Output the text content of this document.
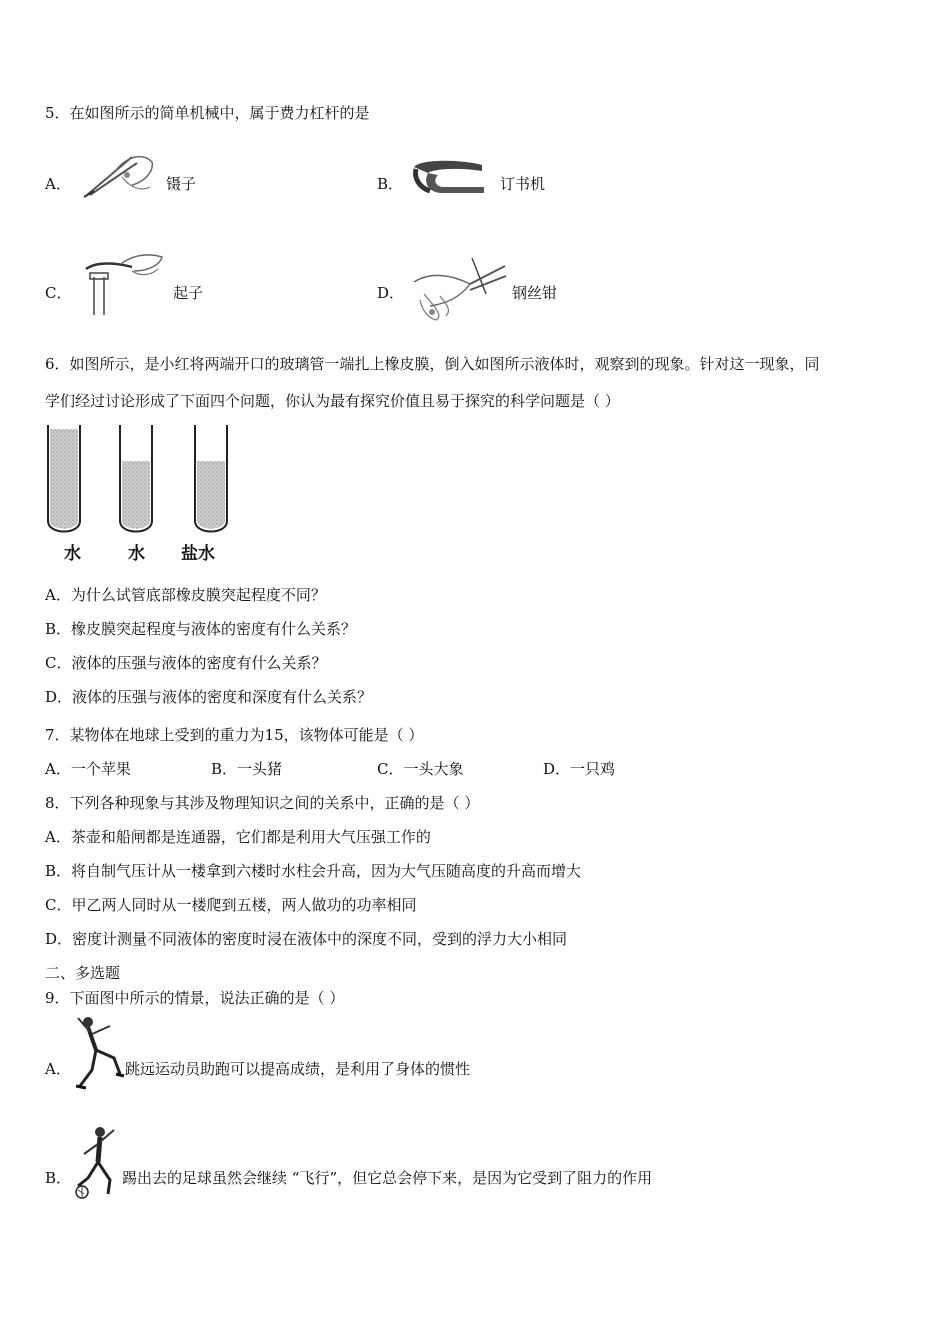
5．在如图所示的简单机械中，属于费力杠杆的是
A．	镊子	B．	订书机
C．	起子	D．	钢丝钳
6．如图所示，是小红将两端开口的玻璃管一端扎上橡皮膜，倒入如图所示液体时，观察到的现象。针对这一现象，同
学们经过讨论形成了下面四个问题，你认为最有探究价值且易于探究的科学问题是（ ）
水	水 盐水
A．为什么试管底部橡皮膜突起程度不同？
B．橡皮膜突起程度与液体的密度有什么关系？
C．液体的压强与液体的密度有什么关系？
D．液体的压强与液体的密度和深度有什么关系？
7．某物体在地球上受到的重力为15，该物体可能是（ ）
A．一个苹果	B．一头猪	C．一头大象	D．一只鸡
8．下列各种现象与其涉及物理知识之间的关系中，正确的是（ ）
A．茶壶和船闸都是连通器，它们都是利用大气压强工作的
B．将自制气压计从一楼拿到六楼时水柱会升高，因为大气压随高度的升高而增大
C．甲乙两人同时从一楼爬到五楼，两人做功的功率相同
D．密度计测量不同液体的密度时浸在液体中的深度不同，受到的浮力大小相同
二、多选题
9．下面图中所示的情景，说法正确的是（ ）
A．	跳远运动员助跑可以提高成绩，是利用了身体的惯性
B．	踢出去的足球虽然会继续 “飞行”，但它总会停下来，是因为它受到了阻力的作用
